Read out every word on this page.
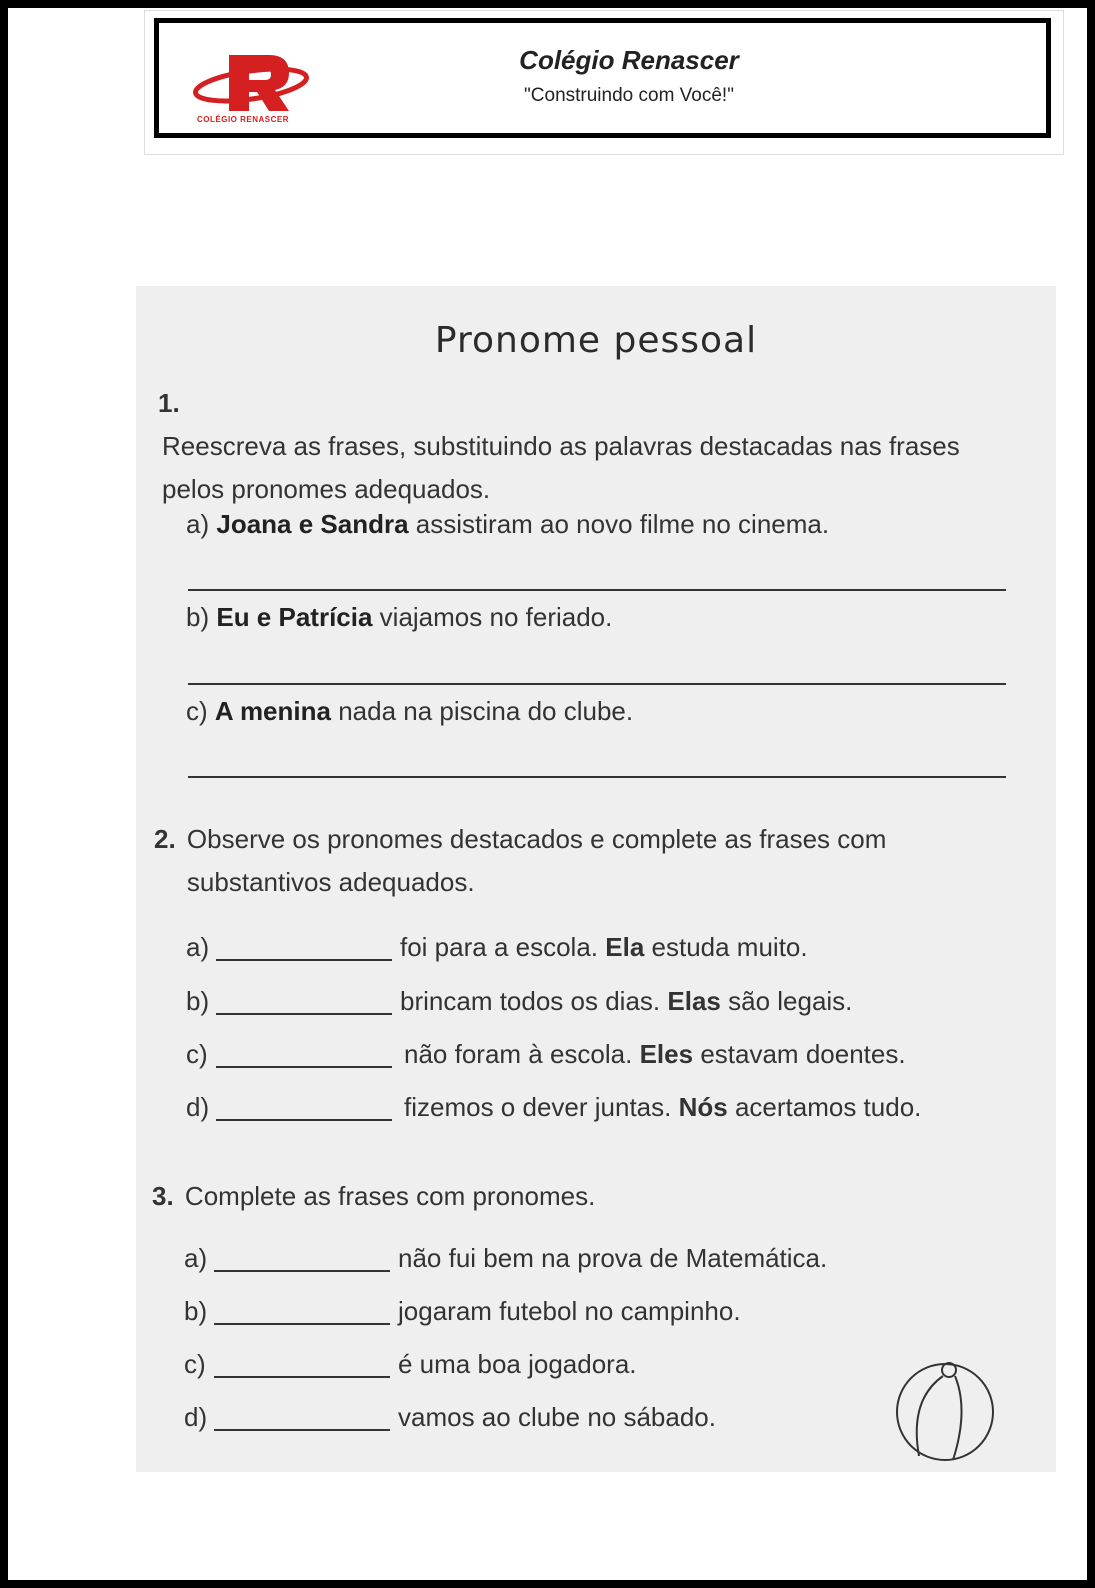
COLÉGIO RENASCER
Colégio Renascer
"Construindo com Você!"
Pronome pessoal
1. Reescreva as frases, substituindo as palavras destacadas nas frases pelos pronomes adequados.
a) Joana e Sandra assistiram ao novo filme no cinema.
b) Eu e Patrícia viajamos no feriado.
c) A menina nada na piscina do clube.
2. Observe os pronomes destacados e complete as frases com substantivos adequados.
a)	foi para a escola. Ela estuda muito.
b)	brincam todos os dias. Elas são legais.
c)	não foram à escola. Eles estavam doentes.
d)	fizemos o dever juntas. Nós acertamos tudo.
3. Complete as frases com pronomes.
a)	não fui bem na prova de Matemática.
b)	jogaram futebol no campinho.
c)	é uma boa jogadora.
d)	vamos ao clube no sábado.
